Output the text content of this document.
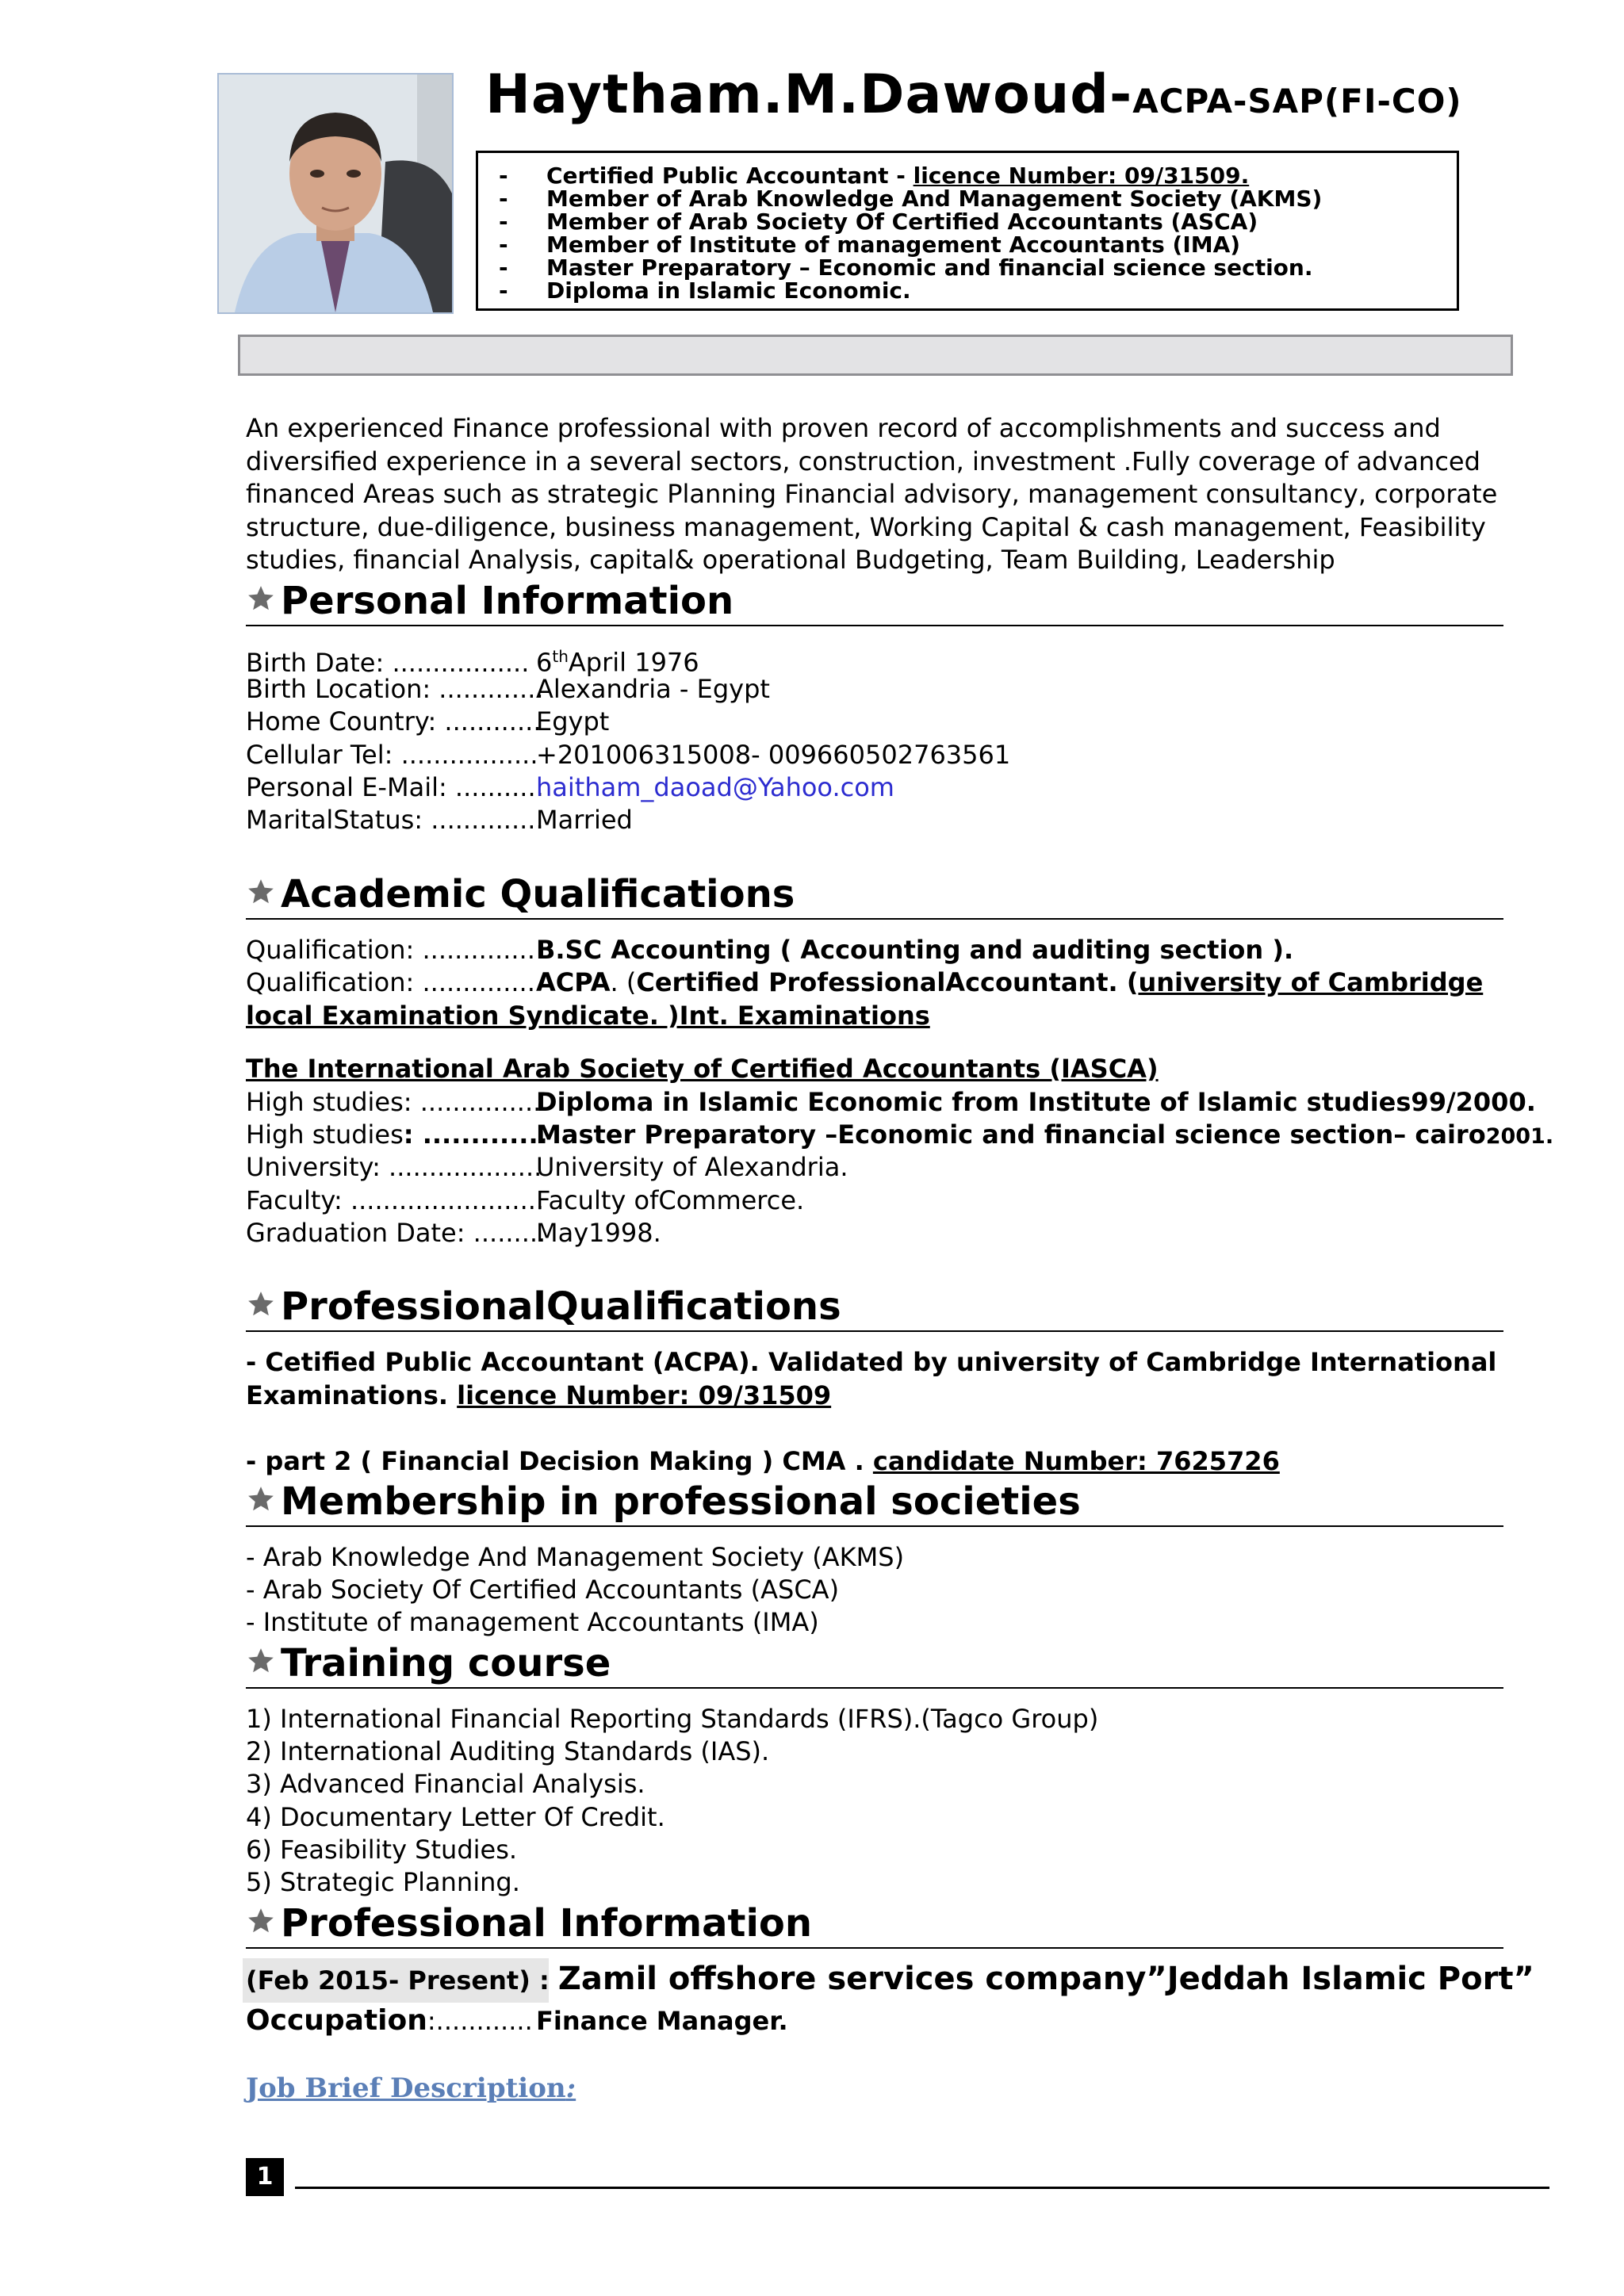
Haytham.M.Dawoud-ACPA-SAP(FI-CO)
- Certified Public Accountant - licence Number: 09/31509.
- Member of Arab Knowledge And Management Society (AKMS)
- Member of Arab Society Of Certified Accountants (ASCA)
- Member of Institute of management Accountants (IMA)
- Master Preparatory – Economic and financial science section.
- Diploma in Islamic Economic.
An experienced Finance professional with proven record of accomplishments and success and
diversified experience in a several sectors, construction, investment .Fully coverage of advanced
financed Areas such as strategic Planning Financial advisory, management consultancy, corporate
structure, due-diligence, business management, Working Capital & cash management, Feasibility
studies, financial Analysis, capital& operational Budgeting, Team Building, Leadership
Personal Information
Birth Date: ................. 6thApril 1976
Birth Location: .............Alexandria - Egypt
Home Country: ............Egypt
Cellular Tel: .................+201006315008- 009660502763561
Personal E-Mail: ...........haitham_daoad@Yahoo.com
MaritalStatus: ..............Married
Academic Qualifications
Qualification: ..............B.SC Accounting ( Accounting and auditing section ).
Qualification: ..............ACPA. (Certified ProfessionalAccountant. (university of Cambridge
local Examination Syndicate. )Int. Examinations
The International Arab Society of Certified Accountants (IASCA)
High studies: ...............Diploma in Islamic Economic from Institute of Islamic studies99/2000.
High studies: .............Master Preparatory –Economic and financial science section– cairo2001.
University: ...................University of Alexandria.
Faculty: ........................Faculty ofCommerce.
Graduation Date: .........May1998.
ProfessionalQualifications
- Cetified Public Accountant (ACPA). Validated by university of Cambridge International
Examinations. licence Number: 09/31509
- part 2 ( Financial Decision Making ) CMA . candidate Number: 7625726
Membership in professional societies
- Arab Knowledge And Management Society (AKMS)
- Arab Society Of Certified Accountants (ASCA)
- Institute of management Accountants (IMA)
Training course
1) International Financial Reporting Standards (IFRS).(Tagco Group)
2) International Auditing Standards (IAS).
3) Advanced Financial Analysis.
4) Documentary Letter Of Credit.
6) Feasibility Studies.
5) Strategic Planning.
Professional Information
(Feb 2015- Present) : Zamil offshore services company”Jeddah Islamic Port”
Occupation:............ Finance Manager.
Job Brief Description:
1
